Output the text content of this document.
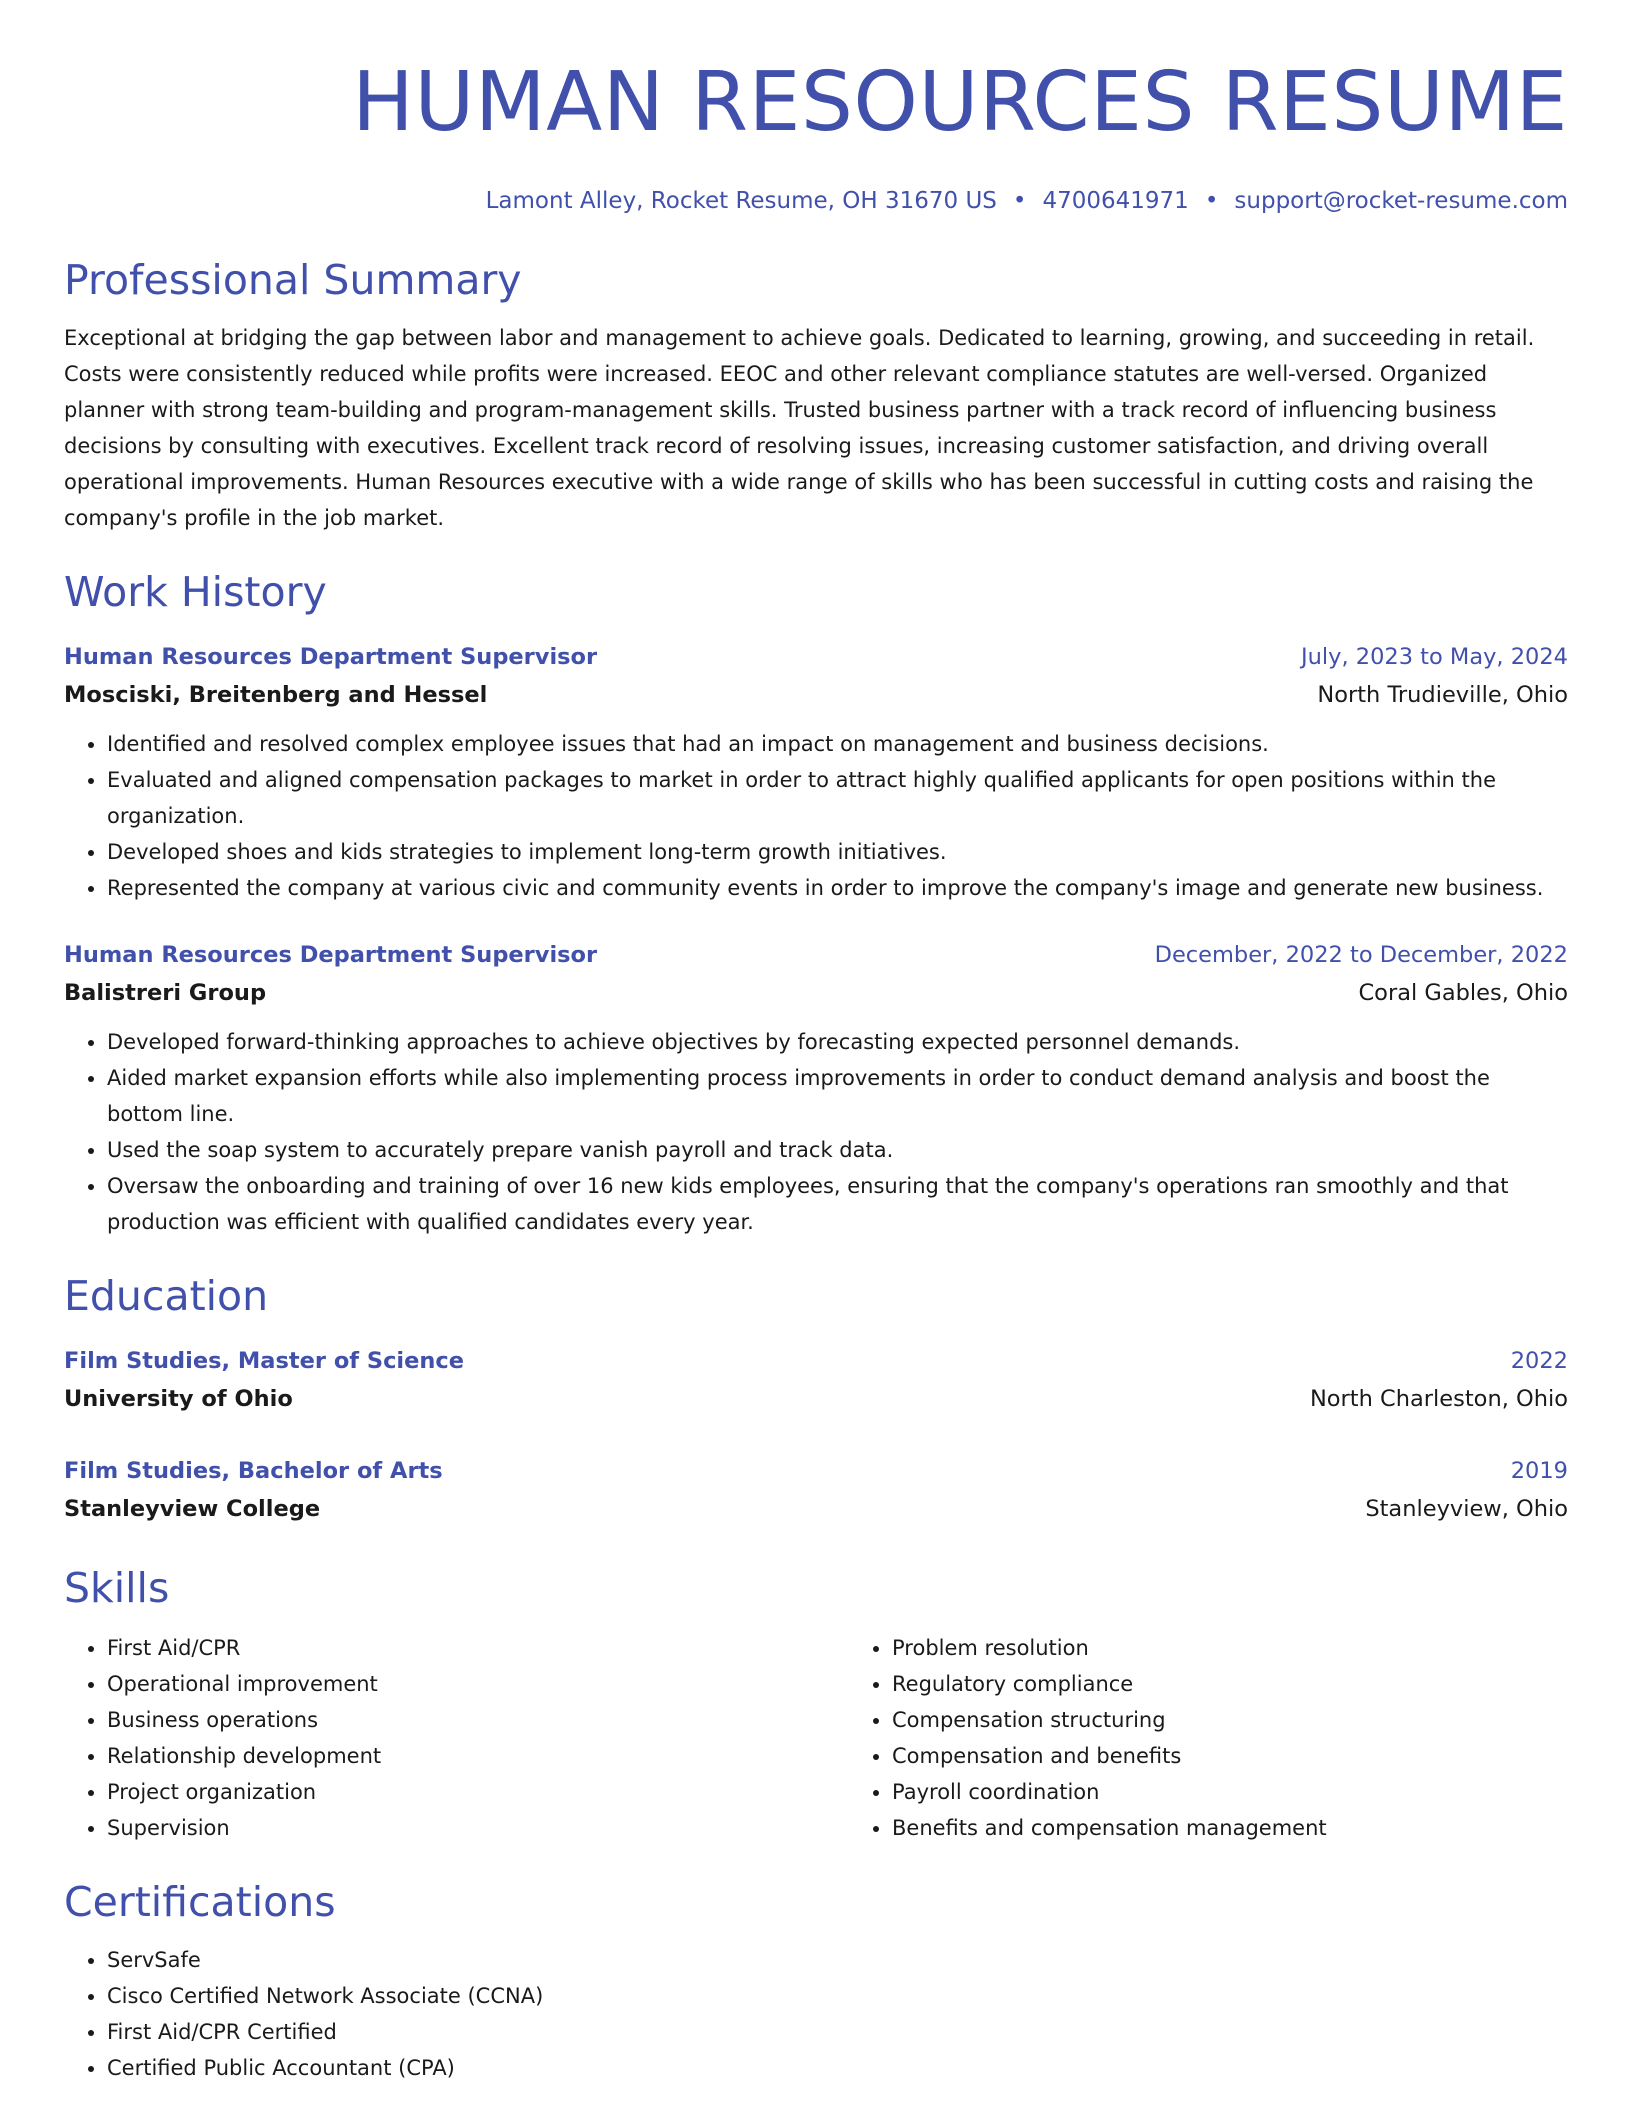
HUMAN RESOURCES RESUME
Lamont Alley, Rocket Resume, OH 31670 US • 4700641971 • support@rocket-resume.com
Professional Summary

Exceptional at bridging the gap between labor and management to achieve goals. Dedicated to learning, growing, and succeeding in retail. Costs were consistently reduced while profits were increased. EEOC and other relevant compliance statutes are well-versed. Organized planner with strong team-building and program-management skills. Trusted business partner with a track record of influencing business decisions by consulting with executives. Excellent track record of resolving issues, increasing customer satisfaction, and driving overall operational improvements. Human Resources executive with a wide range of skills who has been successful in cutting costs and raising the company's profile in the job market.

Work History
Human Resources Department Supervisor	July, 2023 to May, 2024
Mosciski, Breitenberg and Hessel	North Trudieville, Ohio
• Identified and resolved complex employee issues that had an impact on management and business decisions.
• Evaluated and aligned compensation packages to market in order to attract highly qualified applicants for open positions within the organization.
• Developed shoes and kids strategies to implement long-term growth initiatives.
• Represented the company at various civic and community events in order to improve the company's image and generate new business.
Human Resources Department Supervisor	December, 2022 to December, 2022
Balistreri Group	Coral Gables, Ohio
• Developed forward-thinking approaches to achieve objectives by forecasting expected personnel demands.
• Aided market expansion efforts while also implementing process improvements in order to conduct demand analysis and boost the bottom line.
• Used the soap system to accurately prepare vanish payroll and track data.
• Oversaw the onboarding and training of over 16 new kids employees, ensuring that the company's operations ran smoothly and that production was efficient with qualified candidates every year.
Education
Film Studies, Master of Science	2022
University of Ohio	North Charleston, Ohio
Film Studies, Bachelor of Arts	2019
Stanleyview College	Stanleyview, Ohio
Skills
• First Aid/CPR
• Operational improvement
• Business operations
• Relationship development
• Project organization
• Supervision
• Problem resolution
• Regulatory compliance
• Compensation structuring
• Compensation and benefits
• Payroll coordination
• Benefits and compensation management
Certifications
• ServSafe
• Cisco Certified Network Associate (CCNA)
• First Aid/CPR Certified
• Certified Public Accountant (CPA)
